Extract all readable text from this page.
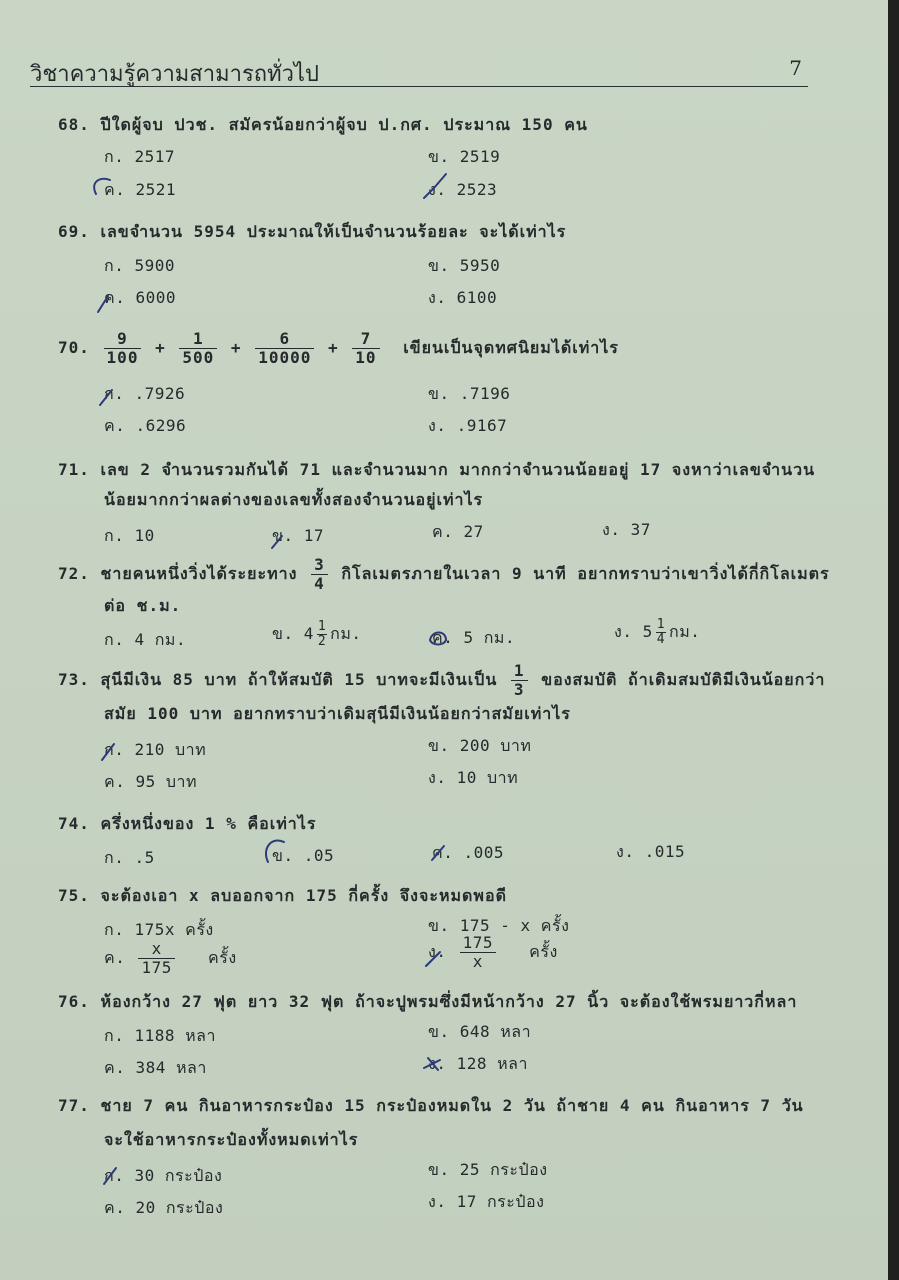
วิชาความรู้ความสามารถทั่วไป	7
68. ปีใดผู้จบ ปวช. สมัครน้อยกว่าผู้จบ ป.กศ. ประมาณ 150 คน
ก. 2517	ข. 2519
ค. 2521	ง. 2523
69. เลขจำนวน 5954 ประมาณให้เป็นจำนวนร้อยละ จะได้เท่าไร
ก. 5900	ข. 5950
ค. 6000	ง. 6100
70. $\frac{9}{100} + \frac{1}{500} + \frac{6}{10000} + \frac{7}{10}$ เขียนเป็นจุดทศนิยมได้เท่าไร
ก. .7926	ข. .7196
ค. .6296	ง. .9167
71. เลข 2 จำนวนรวมกันได้ 71 และจำนวนมาก มากกว่าจำนวนน้อยอยู่ 17 จงหาว่าเลขจำนวน
น้อยมากกว่าผลต่างของเลขทั้งสองจำนวนอยู่เท่าไร
ก. 10	ข. 17	ค. 27	ง. 37
72. ชายคนหนึ่งวิ่งได้ระยะทาง $\frac{3}{4}$ กิโลเมตรภายในเวลา 9 นาที อยากทราบว่าเขาวิ่งได้กี่กิโลเมตร
ต่อ ช.ม.
ก. 4 กม.	ข. $4 \frac{1}{2}$ กม.	ค. 5 กม.	ง. $5 \frac{1}{4}$ กม.
73. สุนีมีเงิน 85 บาท ถ้าให้สมบัติ 15 บาทจะมีเงินเป็น $\frac{1}{3}$ ของสมบัติ ถ้าเดิมสมบัติมีเงินน้อยกว่า
สมัย 100 บาท อยากทราบว่าเดิมสุนีมีเงินน้อยกว่าสมัยเท่าไร
ก. 210 บาท	ข. 200 บาท
ค. 95 บาท	ง. 10 บาท
74. ครึ่งหนึ่งของ 1 % คือเท่าไร
ก. .5	ข. .05	ค. .005	ง. .015
75. จะต้องเอา x ลบออกจาก 175 กี่ครั้ง จึงจะหมดพอดี
ก. 175x ครั้ง	ข. 175 - x ครั้ง
ค. $\frac{x}{175}$ ครั้ง	ง. $\frac{175}{x}$ ครั้ง
76. ห้องกว้าง 27 ฟุต ยาว 32 ฟุต ถ้าจะปูพรมซึ่งมีหน้ากว้าง 27 นิ้ว จะต้องใช้พรมยาวกี่หลา
ก. 1188 หลา	ข. 648 หลา
ค. 384 หลา	ง. 128 หลา
77. ชาย 7 คน กินอาหารกระป๋อง 15 กระป๋องหมดใน 2 วัน ถ้าชาย 4 คน กินอาหาร 7 วัน
จะใช้อาหารกระป๋องทั้งหมดเท่าไร
ก. 30 กระป๋อง	ข. 25 กระป๋อง
ค. 20 กระป๋อง	ง. 17 กระป๋อง
